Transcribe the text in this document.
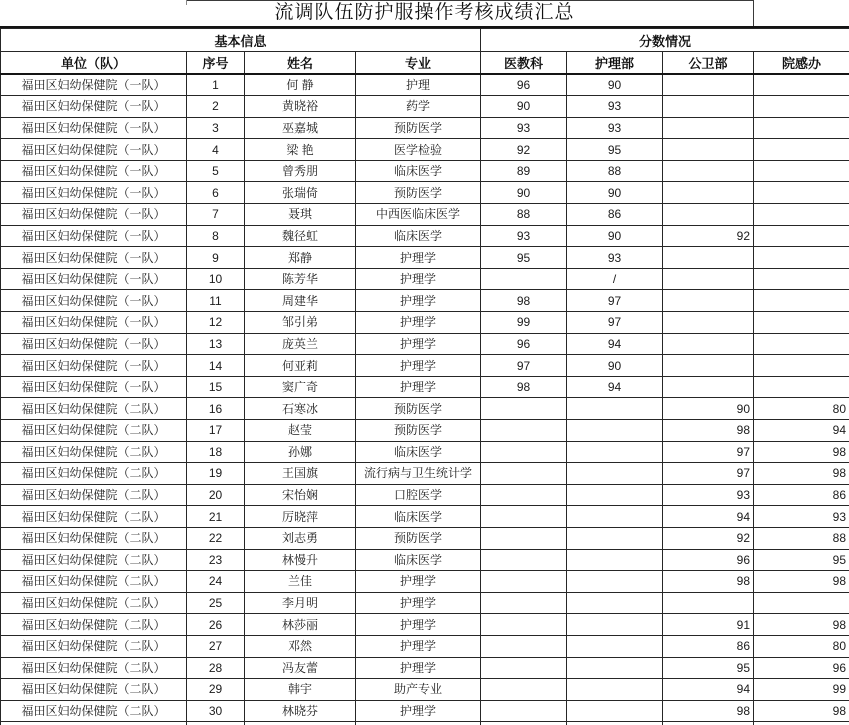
流调队伍防护服操作考核成绩汇总
基本信息				分数情况			
单位（队）	序号	姓名	专业	医教科	护理部	公卫部	院感办
福田区妇幼保健院（一队）	1	何 静	护理	96	90		
福田区妇幼保健院（一队）	2	黄晓裕	药学	90	93		
福田区妇幼保健院（一队）	3	巫嘉城	预防医学	93	93		
福田区妇幼保健院（一队）	4	梁 艳	医学检验	92	95		
福田区妇幼保健院（一队）	5	曾秀朋	临床医学	89	88		
福田区妇幼保健院（一队）	6	张瑞倚	预防医学	90	90		
福田区妇幼保健院（一队）	7	聂琪	中西医临床医学	88	86		
福田区妇幼保健院（一队）	8	魏径虹	临床医学	93	90	92	
福田区妇幼保健院（一队）	9	郑静	护理学	95	93		
福田区妇幼保健院（一队）	10	陈芳华	护理学		/		
福田区妇幼保健院（一队）	11	周建华	护理学	98	97		
福田区妇幼保健院（一队）	12	邹引弟	护理学	99	97		
福田区妇幼保健院（一队）	13	庞英兰	护理学	96	94		
福田区妇幼保健院（一队）	14	何亚莉	护理学	97	90		
福田区妇幼保健院（一队）	15	窦广奇	护理学	98	94		
福田区妇幼保健院（二队）	16	石寒冰	预防医学			90	80
福田区妇幼保健院（二队）	17	赵莹	预防医学			98	94
福田区妇幼保健院（二队）	18	孙娜	临床医学			97	98
福田区妇幼保健院（二队）	19	王国旗	流行病与卫生统计学			97	98
福田区妇幼保健院（二队）	20	宋怡娴	口腔医学			93	86
福田区妇幼保健院（二队）	21	厉晓萍	临床医学			94	93
福田区妇幼保健院（二队）	22	刘志勇	预防医学			92	88
福田区妇幼保健院（二队）	23	林慢升	临床医学			96	95
福田区妇幼保健院（二队）	24	兰佳	护理学			98	98
福田区妇幼保健院（二队）	25	李月明	护理学				
福田区妇幼保健院（二队）	26	林莎丽	护理学			91	98
福田区妇幼保健院（二队）	27	邓然	护理学			86	80
福田区妇幼保健院（二队）	28	冯友蕾	护理学			95	96
福田区妇幼保健院（二队）	29	韩宇	助产专业			94	99
福田区妇幼保健院（二队）	30	林晓芬	护理学			98	98
